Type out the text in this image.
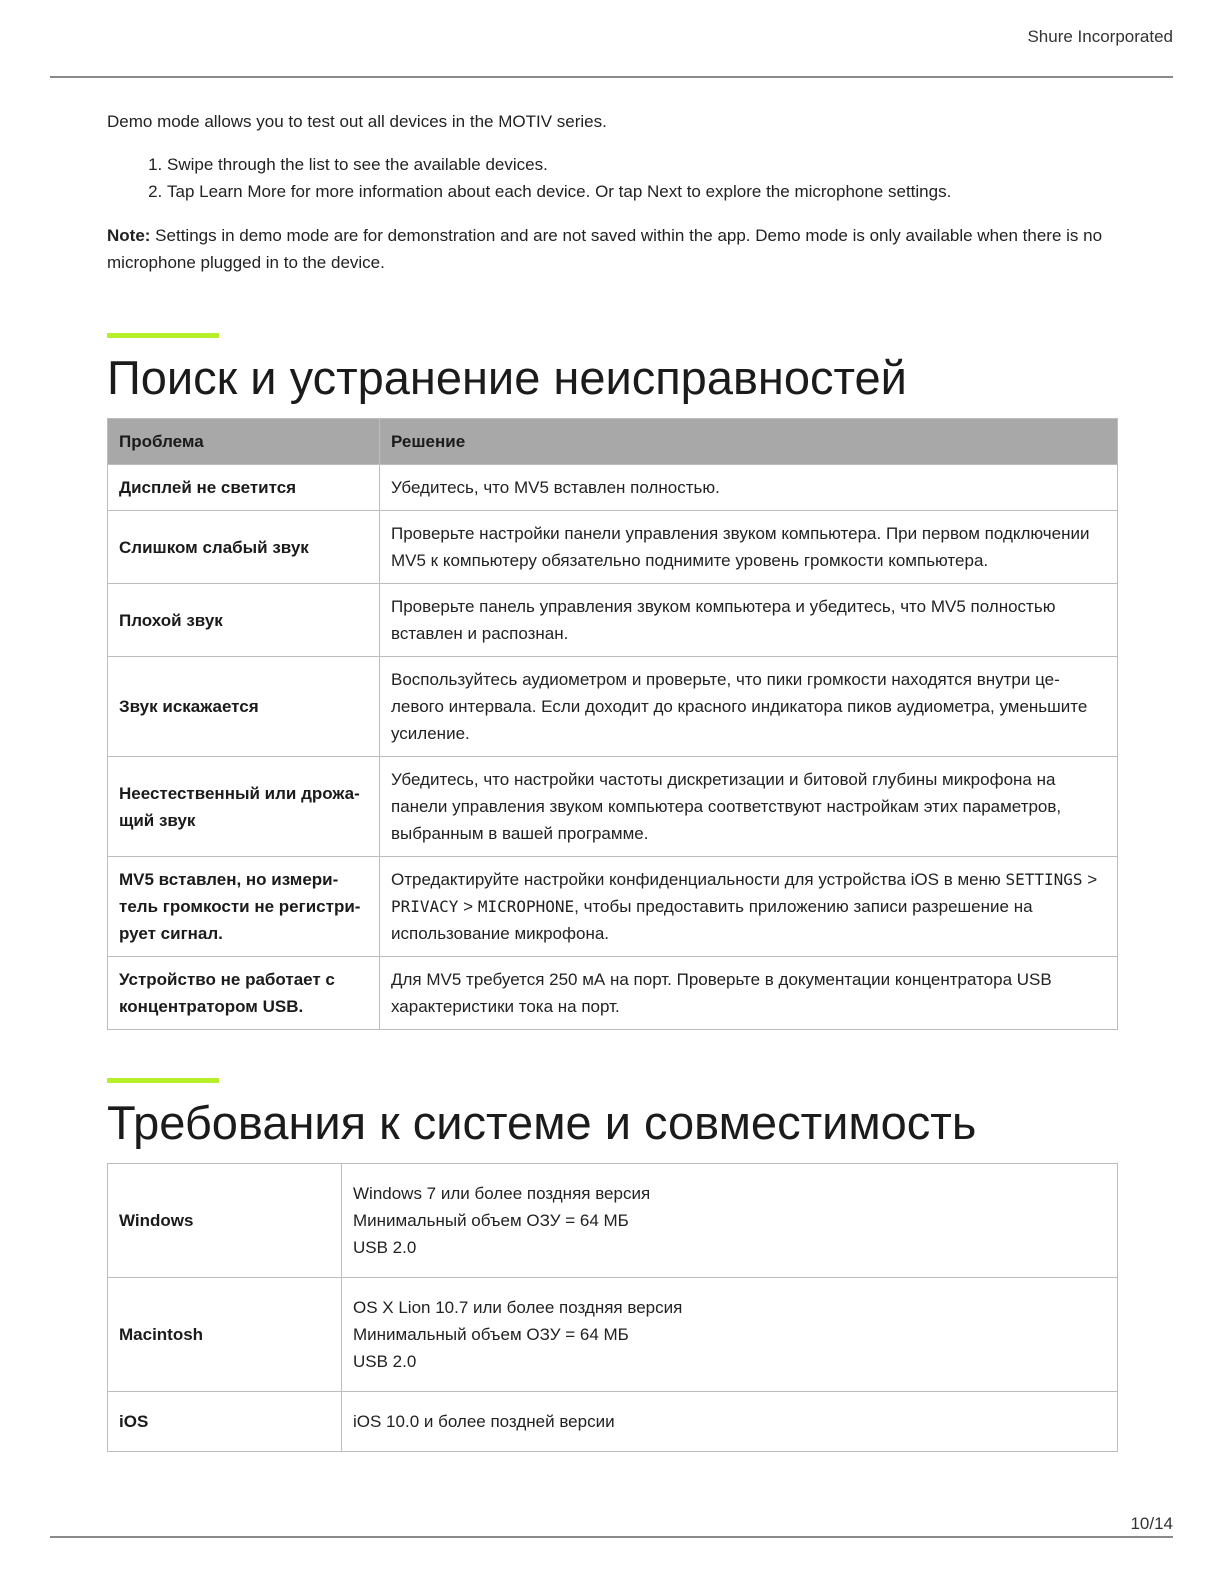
Shure Incorporated

Demo mode allows you to test out all devices in the MOTIV series.

1. Swipe through the list to see the available devices.
2. Tap Learn More for more information about each device. Or tap Next to explore the microphone settings.

Note: Settings in demo mode are for demonstration and are not saved within the app. Demo mode is only available when there is no microphone plugged in to the device.

Поиск и устранение неисправностей
Проблема	Решение
Дисплей не светится	Убедитесь, что MV5 вставлен полностью.
Слишком слабый звук	Проверьте настройки панели управления звуком компьютера. При первом подключении MV5 к компьютеру обязательно поднимите уровень громкости компьютера.
Плохой звук	Проверьте панель управления звуком компьютера и убедитесь, что MV5 полностью вставлен и распознан.
Звук искажается	Воспользуйтесь аудиометром и проверьте, что пики громкости находятся внутри целевого интервала. Если доходит до красного индикатора пиков аудиометра, уменьшите усиление.
Неестественный или дрожащий звук	Убедитесь, что настройки частоты дискретизации и битовой глубины микрофона на панели управления звуком компьютера соответствуют настройкам этих параметров, выбранным в вашей программе.
MV5 вставлен, но измеритель громкости не регистрирует сигнал.	Отредактируйте настройки конфиденциальности для устройства iOS в меню SETTINGS > PRIVACY > MICROPHONE, чтобы предоставить приложению записи разрешение на использование микрофона.
Устройство не работает с концентратором USB.	Для MV5 требуется 250 мА на порт. Проверьте в документации концентратора USB характеристики тока на порт.
Требования к системе и совместимость
Windows	Windows 7 или более поздняя версия
Минимальный объем ОЗУ = 64 МБ
USB 2.0

Macintosh	OS X Lion 10.7 или более поздняя версия
Минимальный объем ОЗУ = 64 МБ
USB 2.0

iOS	iOS 10.0 и более поздней версии
10/14
